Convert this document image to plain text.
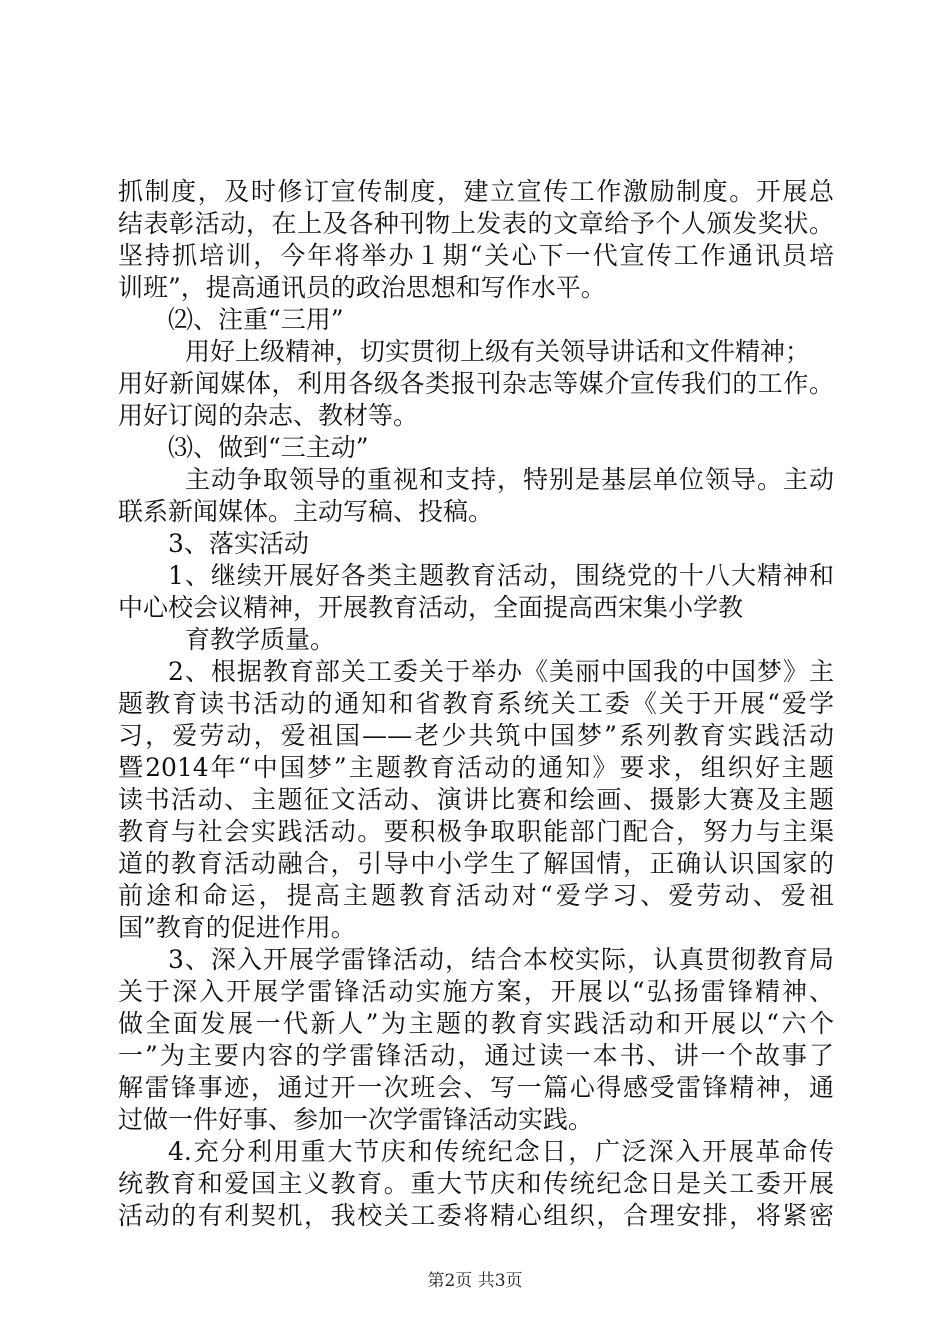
抓制度，及时修订宣传制度，建立宣传工作激励制度。开展总
结表彰活动，在上及各种刊物上发表的文章给予个人颁发奖状。
坚持抓培训，今年将举办１期“关心下一代宣传工作通讯员培
训班”，提高通讯员的政治思想和写作水平。
⑵、注重“三用”
用好上级精神，切实贯彻上级有关领导讲话和文件精神；
用好新闻媒体，利用各级各类报刊杂志等媒介宣传我们的工作。
用好订阅的杂志、教材等。
⑶、做到“三主动”
主动争取领导的重视和支持，特别是基层单位领导。主动
联系新闻媒体。主动写稿、投稿。
3、落实活动
1、继续开展好各类主题教育活动，围绕党的十八大精神和
中心校会议精神，开展教育活动，全面提高西宋集小学教
育教学质量。
2、根据教育部关工委关于举办《美丽中国我的中国梦》主
题教育读书活动的通知和省教育系统关工委《关于开展“爱学
习，爱劳动，爱祖国——老少共筑中国梦”系列教育实践活动
暨2014年“中国梦”主题教育活动的通知》要求，组织好主题
读书活动、主题征文活动、演讲比赛和绘画、摄影大赛及主题
教育与社会实践活动。要积极争取职能部门配合，努力与主渠
道的教育活动融合，引导中小学生了解国情，正确认识国家的
前途和命运，提高主题教育活动对“爱学习、爱劳动、爱祖
国”教育的促进作用。
3、深入开展学雷锋活动，结合本校实际，认真贯彻教育局
关于深入开展学雷锋活动实施方案，开展以“弘扬雷锋精神、
做全面发展一代新人”为主题的教育实践活动和开展以“六个
一”为主要内容的学雷锋活动，通过读一本书、讲一个故事了
解雷锋事迹，通过开一次班会、写一篇心得感受雷锋精神，通
过做一件好事、参加一次学雷锋活动实践。
4.充分利用重大节庆和传统纪念日，广泛深入开展革命传
统教育和爱国主义教育。重大节庆和传统纪念日是关工委开展
活动的有利契机，我校关工委将精心组织，合理安排，将紧密
第2页 共3页
